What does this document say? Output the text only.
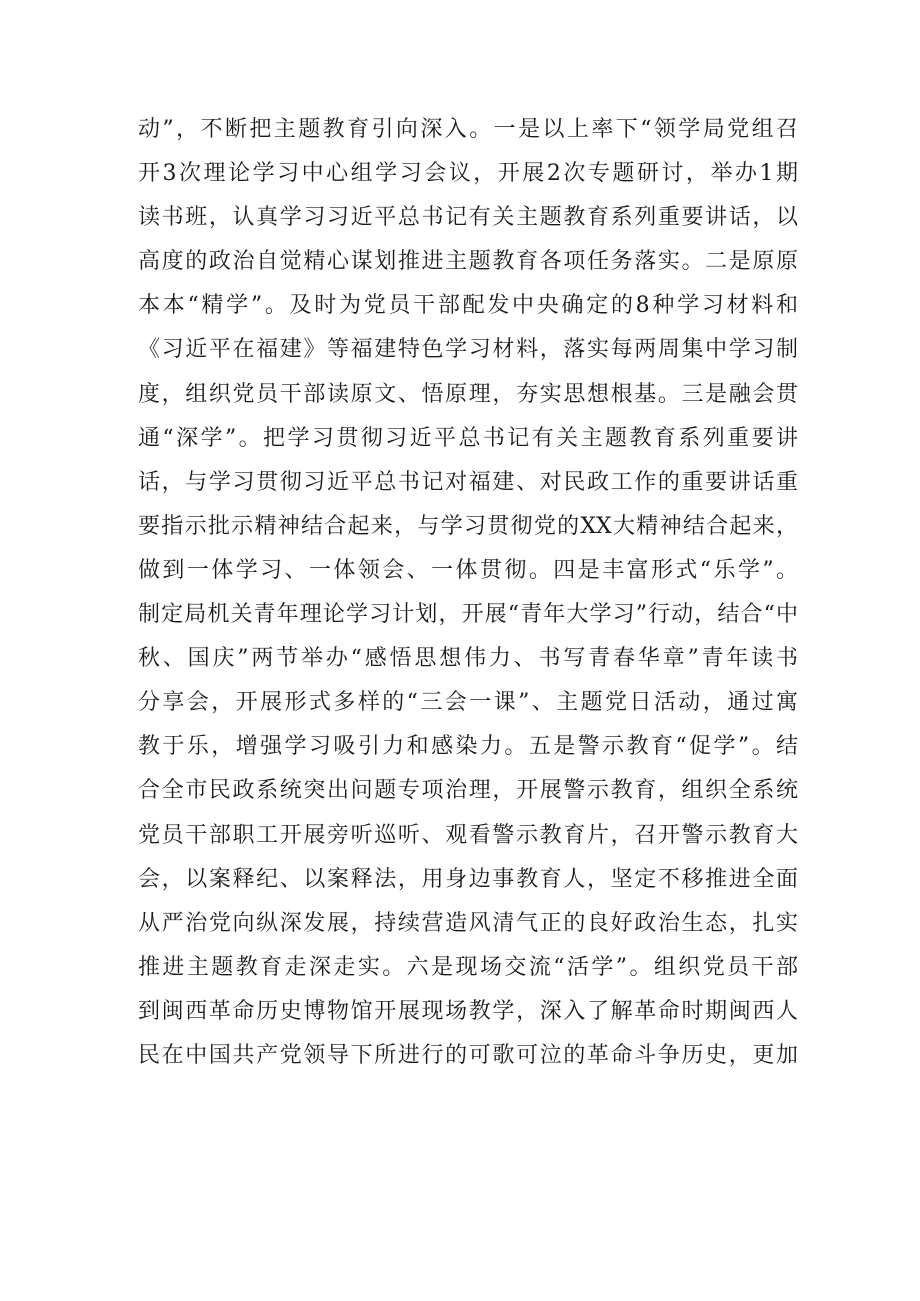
动”，不断把主题教育引向深入。一是以上率下“领学局党组召
开3次理论学习中心组学习会议，开展2次专题研讨，举办1期
读书班，认真学习习近平总书记有关主题教育系列重要讲话，以
高度的政治自觉精心谋划推进主题教育各项任务落实。二是原原
本本“精学”。及时为党员干部配发中央确定的8种学习材料和
《习近平在福建》等福建特色学习材料，落实每两周集中学习制
度，组织党员干部读原文、悟原理，夯实思想根基。三是融会贯
通“深学”。把学习贯彻习近平总书记有关主题教育系列重要讲
话，与学习贯彻习近平总书记对福建、对民政工作的重要讲话重
要指示批示精神结合起来，与学习贯彻党的XX大精神结合起来，
做到一体学习、一体领会、一体贯彻。四是丰富形式“乐学”。
制定局机关青年理论学习计划，开展“青年大学习”行动，结合“中
秋、国庆”两节举办“感悟思想伟力、书写青春华章”青年读书
分享会，开展形式多样的“三会一课”、主题党日活动，通过寓
教于乐，增强学习吸引力和感染力。五是警示教育“促学”。结
合全市民政系统突出问题专项治理，开展警示教育，组织全系统
党员干部职工开展旁听巡听、观看警示教育片，召开警示教育大
会，以案释纪、以案释法，用身边事教育人，坚定不移推进全面
从严治党向纵深发展，持续营造风清气正的良好政治生态，扎实
推进主题教育走深走实。六是现场交流“活学”。组织党员干部
到闽西革命历史博物馆开展现场教学，深入了解革命时期闽西人
民在中国共产党领导下所进行的可歌可泣的革命斗争历史，更加
